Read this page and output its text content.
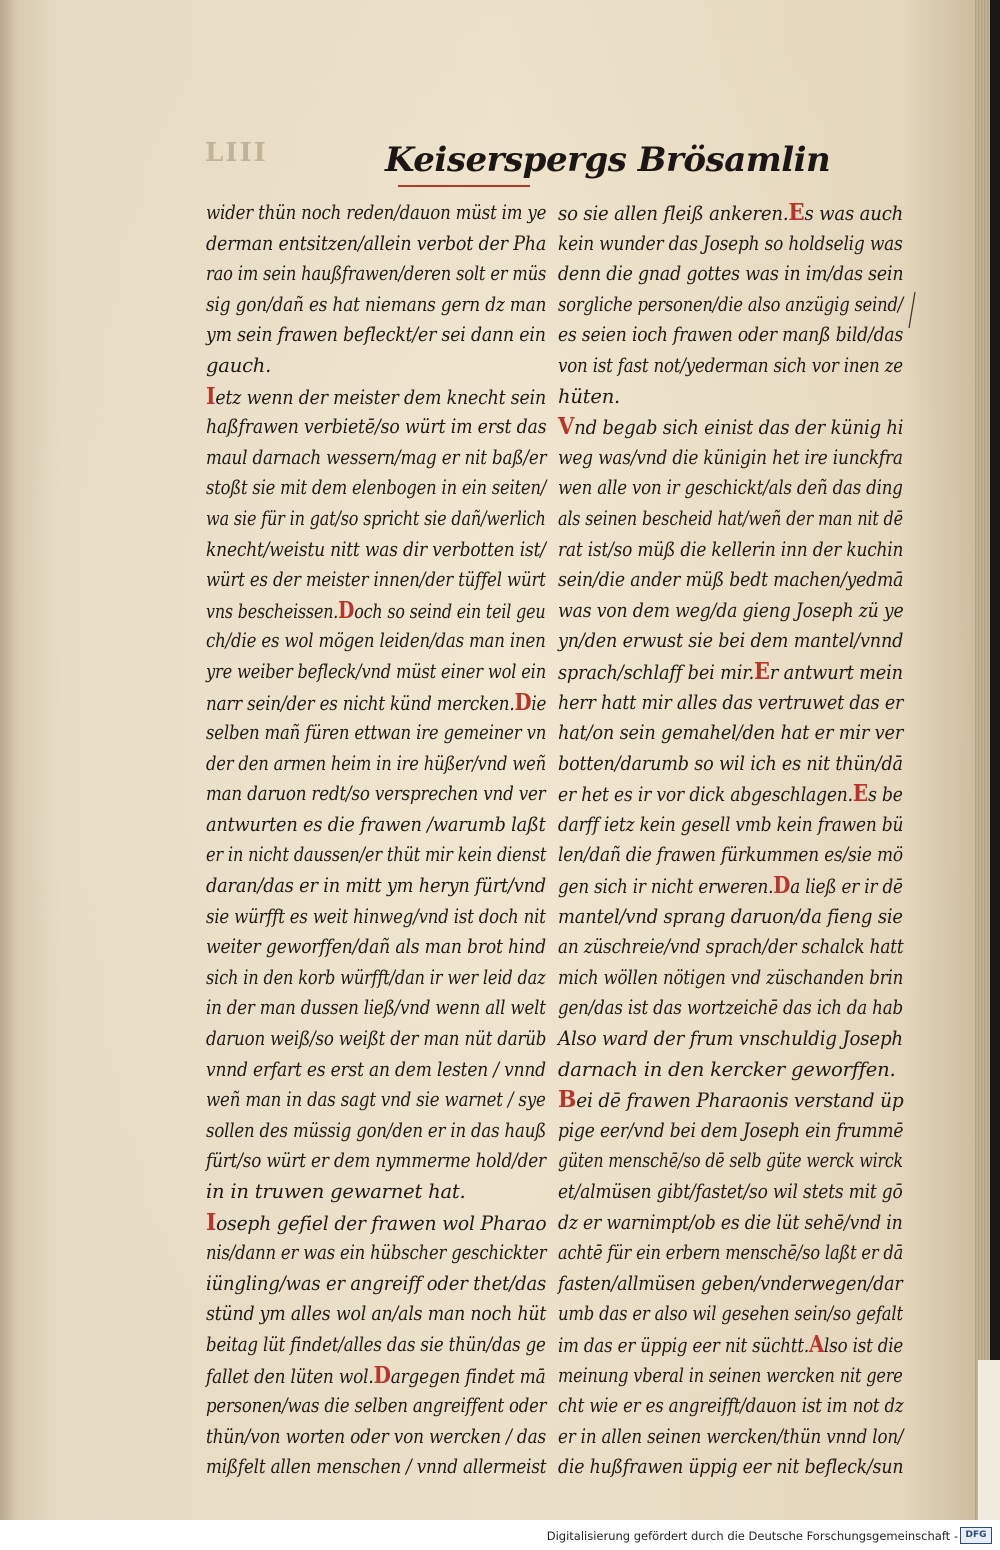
LIII	Keiserspergs Brösamlin
wider thün noch reden/dauon müst im ye
derman entsitzen/allein verbot der Pha
rao im sein haußfrawen/deren solt er müs
sig gon/dañ es hat niemans gern dz man
ym sein frawen befleckt/er sei dann ein
gauch.
Ietz wenn der meister dem knecht sein
haßfrawen verbietē/so würt im erst das
maul darnach wessern/mag er nit baß/er
stoßt sie mit dem elenbogen in ein seiten/
wa sie für in gat/so spricht sie dañ/werlich
knecht/weistu nitt was dir verbotten ist/
würt es der meister innen/der tüffel würt
vns bescheissen.Doch so seind ein teil geu
ch/die es wol mögen leiden/das man inen
yre weiber befleck/vnd müst einer wol ein
narr sein/der es nicht künd mercken.Die
selben mañ füren ettwan ire gemeiner vn
der den armen heim in ire hüßer/vnd weñ
man daruon redt/so versprechen vnd ver
antwurten es die frawen /warumb laßt
er in nicht daussen/er thüt mir kein dienst
daran/das er in mitt ym heryn fürt/vnd
sie würfft es weit hinweg/vnd ist doch nit
weiter geworffen/dañ als man brot hind
sich in den korb würfft/dan ir wer leid daz
in der man dussen ließ/vnd wenn all welt
daruon weiß/so weißt der man nüt darüb
vnnd erfart es erst an dem lesten / vnnd
weñ man in das sagt vnd sie warnet / sye
sollen des müssig gon/den er in das hauß
fürt/so würt er dem nymmerme hold/der
in in truwen gewarnet hat.
Ioseph gefiel der frawen wol Pharao
nis/dann er was ein hübscher geschickter
iüngling/was er angreiff oder thet/das
stünd ym alles wol an/als man noch hüt
beitag lüt findet/alles das sie thün/das ge
fallet den lüten wol.Dargegen findet mā
personen/was die selben angreiffent oder
thün/von worten oder von wercken / das
mißfelt allen menschen / vnnd allermeist
so sie allen fleiß ankeren.Es was auch
kein wunder das Joseph so holdselig was
denn die gnad gottes was in im/das sein
sorgliche personen/die also anzügig seind/
es seien ioch frawen oder manß bild/das
von ist fast not/yederman sich vor inen ze
hüten.
Vnd begab sich einist das der künig hi
weg was/vnd die künigin het ire iunckfra
wen alle von ir geschickt/als deñ das ding
als seinen bescheid hat/weñ der man nit dē
rat ist/so müß die kellerin inn der kuchin
sein/die ander müß bedt machen/yedmā
was von dem weg/da gieng Joseph zü ye
yn/den erwust sie bei dem mantel/vnnd
sprach/schlaff bei mir.Er antwurt mein
herr hatt mir alles das vertruwet das er
hat/on sein gemahel/den hat er mir ver
botten/darumb so wil ich es nit thün/dā
er het es ir vor dick abgeschlagen.Es be
darff ietz kein gesell vmb kein frawen bü
len/dañ die frawen fürkummen es/sie mö
gen sich ir nicht erweren.Da ließ er ir dē
mantel/vnd sprang daruon/da fieng sie
an züschreie/vnd sprach/der schalck hatt
mich wöllen nötigen vnd züschanden brin
gen/das ist das wortzeichē das ich da hab
Also ward der frum vnschuldig Joseph
darnach in den kercker geworffen.
Bei dē frawen Pharaonis verstand üp
pige eer/vnd bei dem Joseph ein frummē
güten menschē/so dē selb güte werck wirck
et/almüsen gibt/fastet/so wil stets mit gō
dz er warnimpt/ob es die lüt sehē/vnd in
achtē für ein erbern menschē/so laßt er dā
fasten/allmüsen geben/vnderwegen/dar
umb das er also wil gesehen sein/so gefalt
im das er üppig eer nit süchtt.Also ist die
meinung vberal in seinen wercken nit gere
cht wie er es angreifft/dauon ist im not dz
er in allen seinen wercken/thün vnnd lon/
die hußfrawen üppig eer nit befleck/sun
Digitalisierung gefördert durch die Deutsche Forschungsgemeinschaft - DFG
